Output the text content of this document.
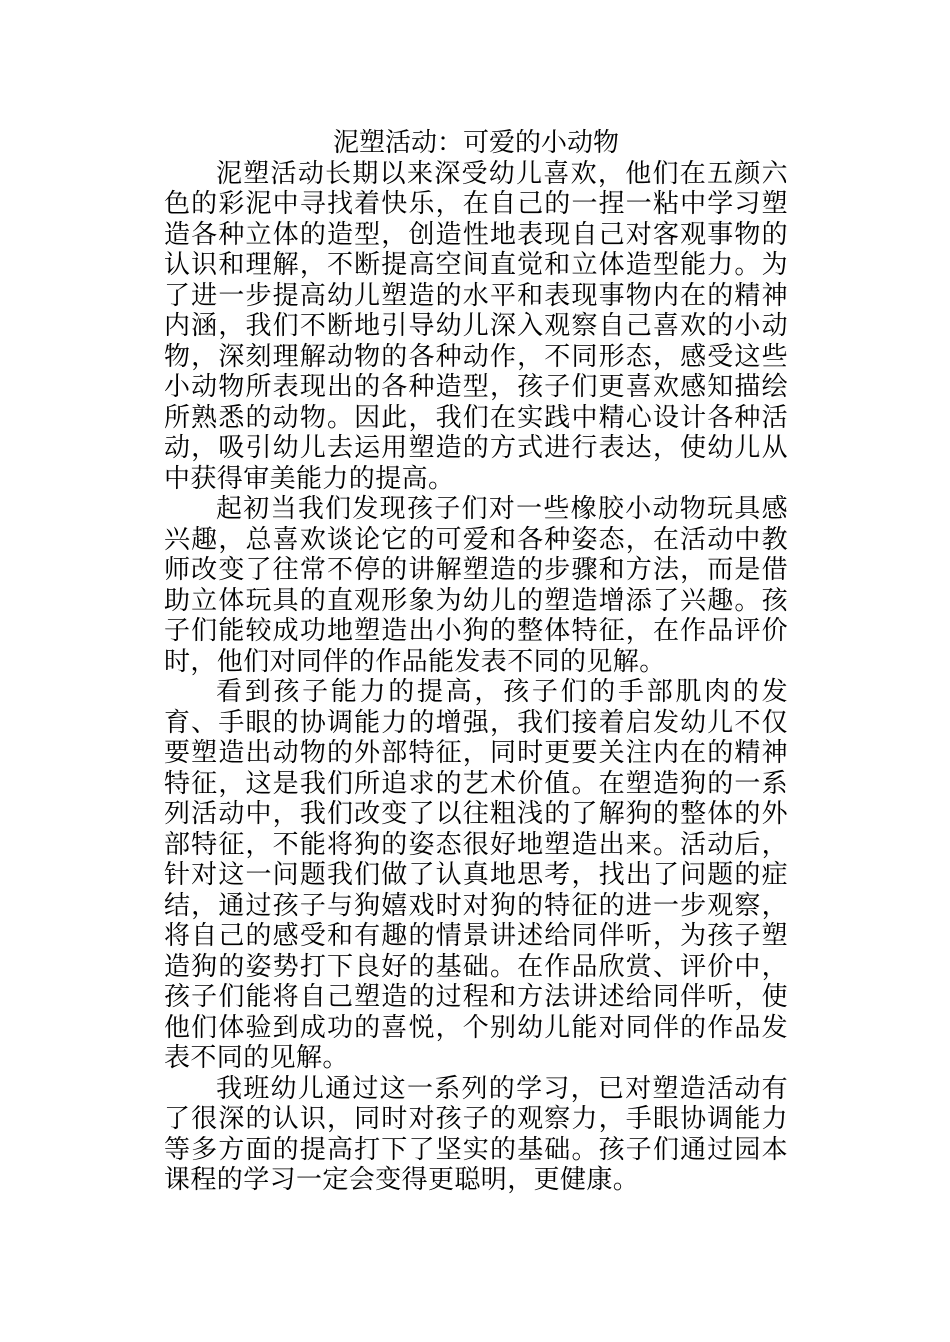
泥塑活动：可爱的小动物

泥塑活动长期以来深受幼儿喜欢，他们在五颜六色的彩泥中寻找着快乐，在自己的一捏一粘中学习塑造各种立体的造型，创造性地表现自己对客观事物的认识和理解，不断提高空间直觉和立体造型能力。为了进一步提高幼儿塑造的水平和表现事物内在的精神内涵，我们不断地引导幼儿深入观察自己喜欢的小动物，深刻理解动物的各种动作，不同形态，感受这些小动物所表现出的各种造型，孩子们更喜欢感知描绘所熟悉的动物。因此，我们在实践中精心设计各种活动，吸引幼儿去运用塑造的方式进行表达，使幼儿从中获得审美能力的提高。

起初当我们发现孩子们对一些橡胶小动物玩具感兴趣，总喜欢谈论它的可爱和各种姿态，在活动中教师改变了往常不停的讲解塑造的步骤和方法，而是借助立体玩具的直观形象为幼儿的塑造增添了兴趣。孩子们能较成功地塑造出小狗的整体特征，在作品评价时，他们对同伴的作品能发表不同的见解。

看到孩子能力的提高，孩子们的手部肌肉的发育、手眼的协调能力的增强，我们接着启发幼儿不仅要塑造出动物的外部特征，同时更要关注内在的精神特征，这是我们所追求的艺术价值。在塑造狗的一系列活动中，我们改变了以往粗浅的了解狗的整体的外部特征，不能将狗的姿态很好地塑造出来。活动后，针对这一问题我们做了认真地思考，找出了问题的症结，通过孩子与狗嬉戏时对狗的特征的进一步观察，将自己的感受和有趣的情景讲述给同伴听，为孩子塑造狗的姿势打下良好的基础。在作品欣赏、评价中，孩子们能将自己塑造的过程和方法讲述给同伴听，使他们体验到成功的喜悦，个别幼儿能对同伴的作品发表不同的见解。

我班幼儿通过这一系列的学习，已对塑造活动有了很深的认识，同时对孩子的观察力，手眼协调能力等多方面的提高打下了坚实的基础。孩子们通过园本课程的学习一定会变得更聪明，更健康。
